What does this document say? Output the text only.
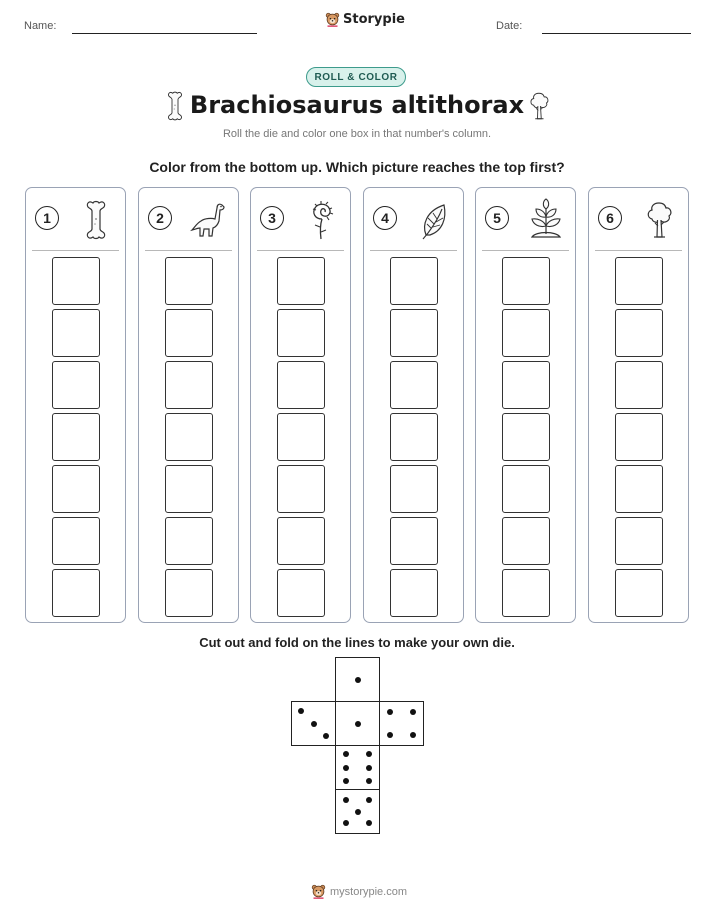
Name:	Storypie	Date:
ROLL & COLOR
Brachiosaurus altithorax
Roll the die and color one box in that number's column.
Color from the bottom up. Which picture reaches the top first?
1	2	3	4	5	6
Cut out and fold on the lines to make your own die.
mystorypie.com
